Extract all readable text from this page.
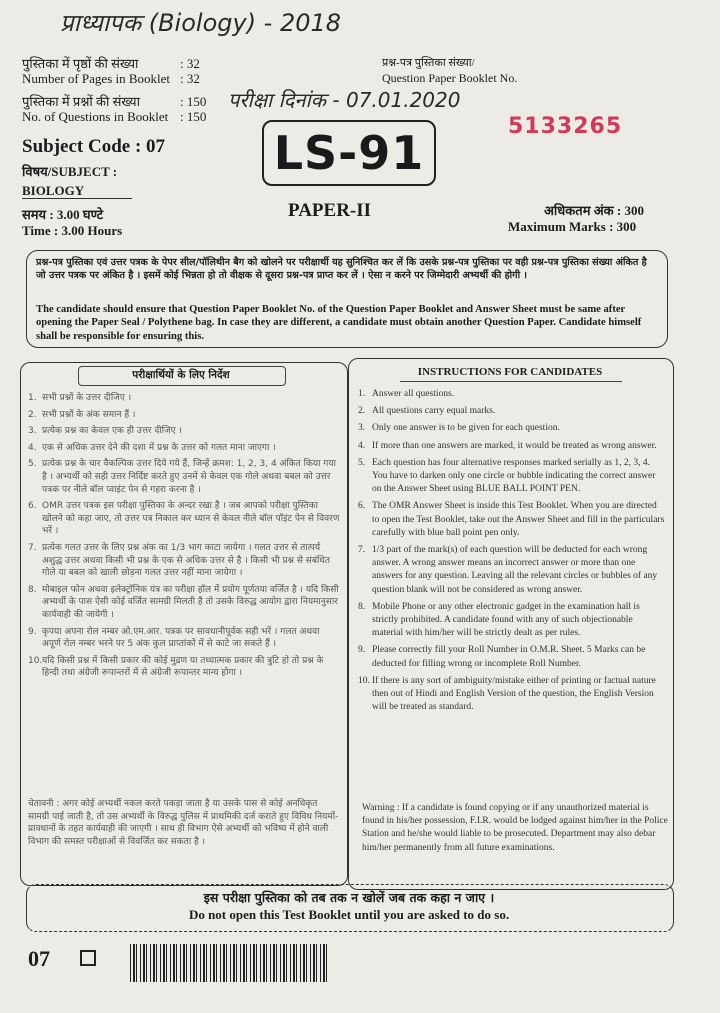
प्राध्यापक (Biology) - 2018
परीक्षा दिनांक - 07.01.2020
पुस्तिका में पृष्ठों की संख्या
Number of Pages in Booklet
: 32
: 32
पुस्तिका में प्रश्नों की संख्या
No. of Questions in Booklet
: 150
: 150
प्रश्न-पत्र पुस्तिका संख्या/
Question Paper Booklet No.
5133265
Subject Code : 07
विषय/SUBJECT :
BIOLOGY
समय : 3.00 घण्टे
Time : 3.00 Hours
LS-91
PAPER-II	अधिकतम अंक : 300
Maximum Marks : 300
प्रश्न-पत्र पुस्तिका एवं उत्तर पत्रक के पेपर सील/पॉलिथीन बैग को खोलने पर परीक्षार्थी यह सुनिश्चित कर लें कि उसके प्रश्न-पत्र पुस्तिका पर वही प्रश्न-पत्र पुस्तिका संख्या अंकित है जो उत्तर पत्रक पर अंकित है । इसमें कोई भिन्नता हो तो वीक्षक से दूसरा प्रश्न-पत्र प्राप्त कर लें । ऐसा न करने पर जिम्मेदारी अभ्यर्थी की होगी ।
The candidate should ensure that Question Paper Booklet No. of the Question Paper Booklet and Answer Sheet must be same after opening the Paper Seal / Polythene bag. In case they are different, a candidate must obtain another Question Paper. Candidate himself shall be responsible for ensuring this.
परीक्षार्थियों के लिए निर्देश
1. सभी प्रश्नों के उत्तर दीजिए ।
2. सभी प्रश्नों के अंक समान हैं ।
3. प्रत्येक प्रश्न का केवल एक ही उत्तर दीजिए ।
4. एक से अधिक उत्तर देने की दशा में प्रश्न के उत्तर को गलत माना जाएगा ।
5. प्रत्येक प्रश्न के चार वैकल्पिक उत्तर दिये गये हैं, जिन्हें क्रमश: 1, 2, 3, 4 अंकित किया गया है । अभ्यर्थी को सही उत्तर निर्दिष्ट करते हुए उनमें से केवल एक गोले अथवा बबल को उत्तर पत्रक पर नीले बॉल प्वाइंट पेन से गहरा करना है ।
6. OMR उत्तर पत्रक इस परीक्षा पुस्तिका के अन्दर रखा है । जब आपको परीक्षा पुस्तिका खोलने को कहा जाए, तो उत्तर पत्र निकाल कर ध्यान से केवल नीले बॉल पॉइंट पेन से विवरण भरें ।
7. प्रत्येक गलत उत्तर के लिए प्रश्न अंक का 1/3 भाग काटा जायेगा । गलत उत्तर से तात्पर्य अशुद्ध उत्तर अथवा किसी भी प्रश्न के एक से अधिक उत्तर से है । किसी भी प्रश्न से संबंधित गोले या बबल को खाली छोड़ना गलत उत्तर नहीं माना जायेगा ।
8. मोबाइल फोन अथवा इलेक्ट्रॉनिक यंत्र का परीक्षा हॉल में प्रयोग पूर्णतया वर्जित है । यदि किसी अभ्यर्थी के पास ऐसी कोई वर्जित सामग्री मिलती है तो उसके विरुद्ध आयोग द्वारा नियमानुसार कार्यवाही की जायेगी ।
9. कृपया अपना रोल नम्बर ओ.एम.आर. पत्रक पर सावधानीपूर्वक सही भरें । गलत अथवा अपूर्ण रोल नम्बर भरने पर 5 अंक कुल प्राप्तांकों में से काटे जा सकते हैं ।
10. यदि किसी प्रश्न में किसी प्रकार की कोई मुद्रण या तथ्यात्मक प्रकार की त्रुटि हो तो प्रश्न के हिन्दी तथा अंग्रेजी रूपान्तरों में से अंग्रेजी रूपान्तर मान्य होगा ।
चेतावनी : अगर कोई अभ्यर्थी नकल करते पकड़ा जाता है या उसके पास से कोई अनधिकृत सामग्री पाई जाती है, तो उस अभ्यर्थी के विरुद्ध पुलिस में प्राथमिकी दर्ज कराते हुए विविध नियमों-प्रावधानों के तहत कार्यवाही की जाएगी । साथ ही विभाग ऐसे अभ्यर्थी को भविष्य में होने वाली विभाग की समस्त परीक्षाओं से विवर्जित कर सकता है ।
INSTRUCTIONS FOR CANDIDATES
1. Answer all questions.
2. All questions carry equal marks.
3. Only one answer is to be given for each question.
4. If more than one answers are marked, it would be treated as wrong answer.
5. Each question has four alternative responses marked serially as 1, 2, 3, 4. You have to darken only one circle or bubble indicating the correct answer on the Answer Sheet using BLUE BALL POINT PEN.
6. The OMR Answer Sheet is inside this Test Booklet. When you are directed to open the Test Booklet, take out the Answer Sheet and fill in the particulars carefully with blue ball point pen only.
7. 1/3 part of the mark(s) of each question will be deducted for each wrong answer. A wrong answer means an incorrect answer or more than one answers for any question. Leaving all the relevant circles or bubbles of any question blank will not be considered as wrong answer.
8. Mobile Phone or any other electronic gadget in the examination hall is strictly prohibited. A candidate found with any of such objectionable material with him/her will be strictly dealt as per rules.
9. Please correctly fill your Roll Number in O.M.R. Sheet. 5 Marks can be deducted for filling wrong or incomplete Roll Number.
10. If there is any sort of ambiguity/mistake either of printing or factual nature then out of Hindi and English Version of the question, the English Version will be treated as standard.
Warning : If a candidate is found copying or if any unauthorized material is found in his/her possession, F.I.R. would be lodged against him/her in the Police Station and he/she would liable to be prosecuted. Department may also debar him/her permanently from all future examinations.
इस परीक्षा पुस्तिका को तब तक न खोलें जब तक कहा न जाए ।
Do not open this Test Booklet until you are asked to do so.
07
